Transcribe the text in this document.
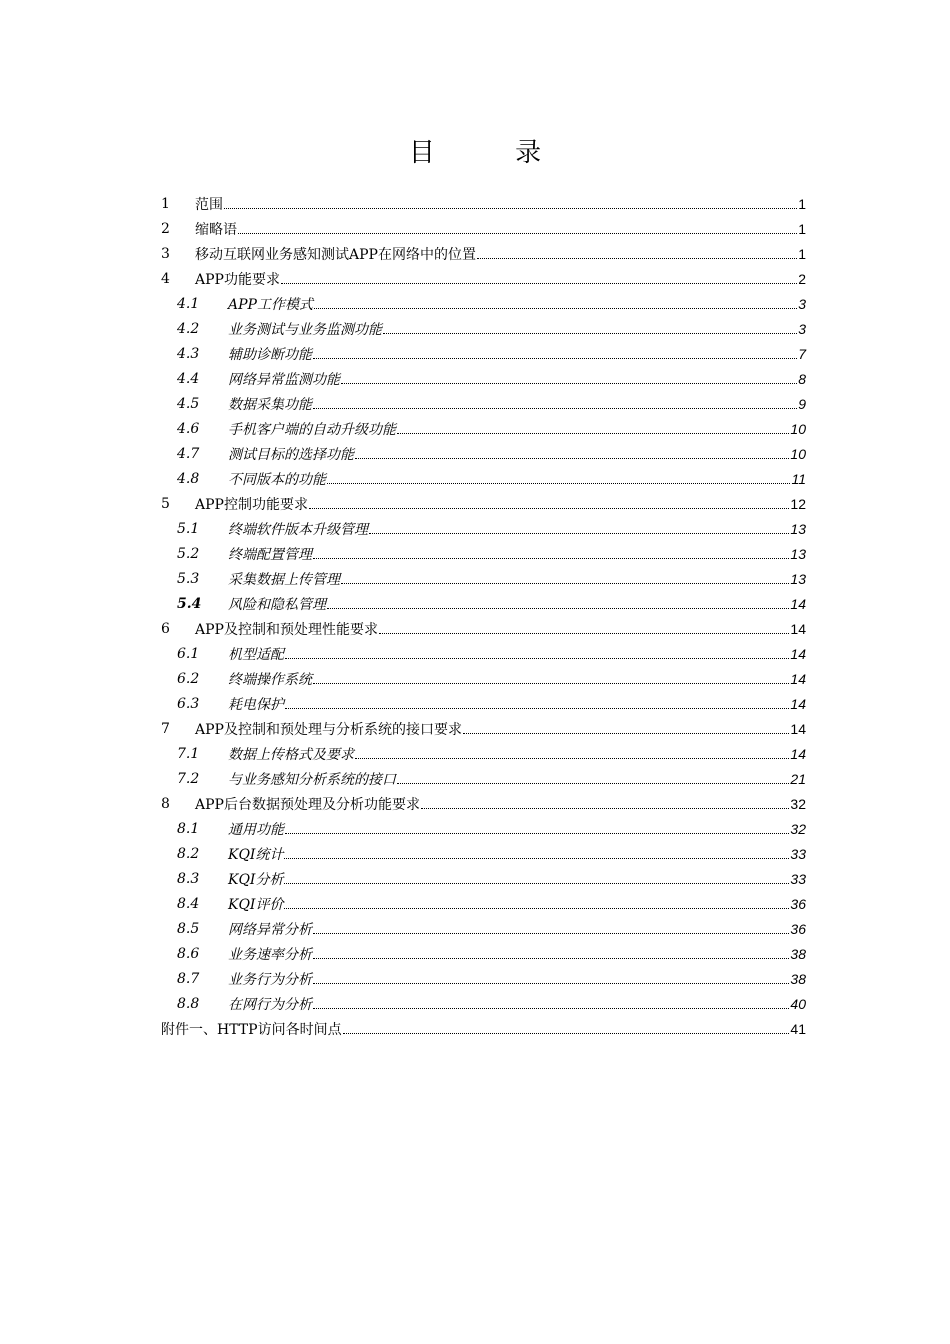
目 录
1	范围	1
2	缩略语	1
3	移动互联网业务感知测试APP在网络中的位置	1
4	APP功能要求	2
4.1	APP工作模式	3
4.2	业务测试与业务监测功能	3
4.3	辅助诊断功能	7
4.4	网络异常监测功能	8
4.5	数据采集功能	9
4.6	手机客户端的自动升级功能	10
4.7	测试目标的选择功能	10
4.8	不同版本的功能	11
5	APP控制功能要求	12
5.1	终端软件版本升级管理	13
5.2	终端配置管理	13
5.3	采集数据上传管理	13
5.4	风险和隐私管理	14
6	APP及控制和预处理性能要求	14
6.1	机型适配	14
6.2	终端操作系统	14
6.3	耗电保护	14
7	APP及控制和预处理与分析系统的接口要求	14
7.1	数据上传格式及要求	14
7.2	与业务感知分析系统的接口	21
8	APP后台数据预处理及分析功能要求	32
8.1	通用功能	32
8.2	KQI统计	33
8.3	KQI分析	33
8.4	KQI评价	36
8.5	网络异常分析	36
8.6	业务速率分析	38
8.7	业务行为分析	38
8.8	在网行为分析	40
附件一、HTTP访问各时间点	41
